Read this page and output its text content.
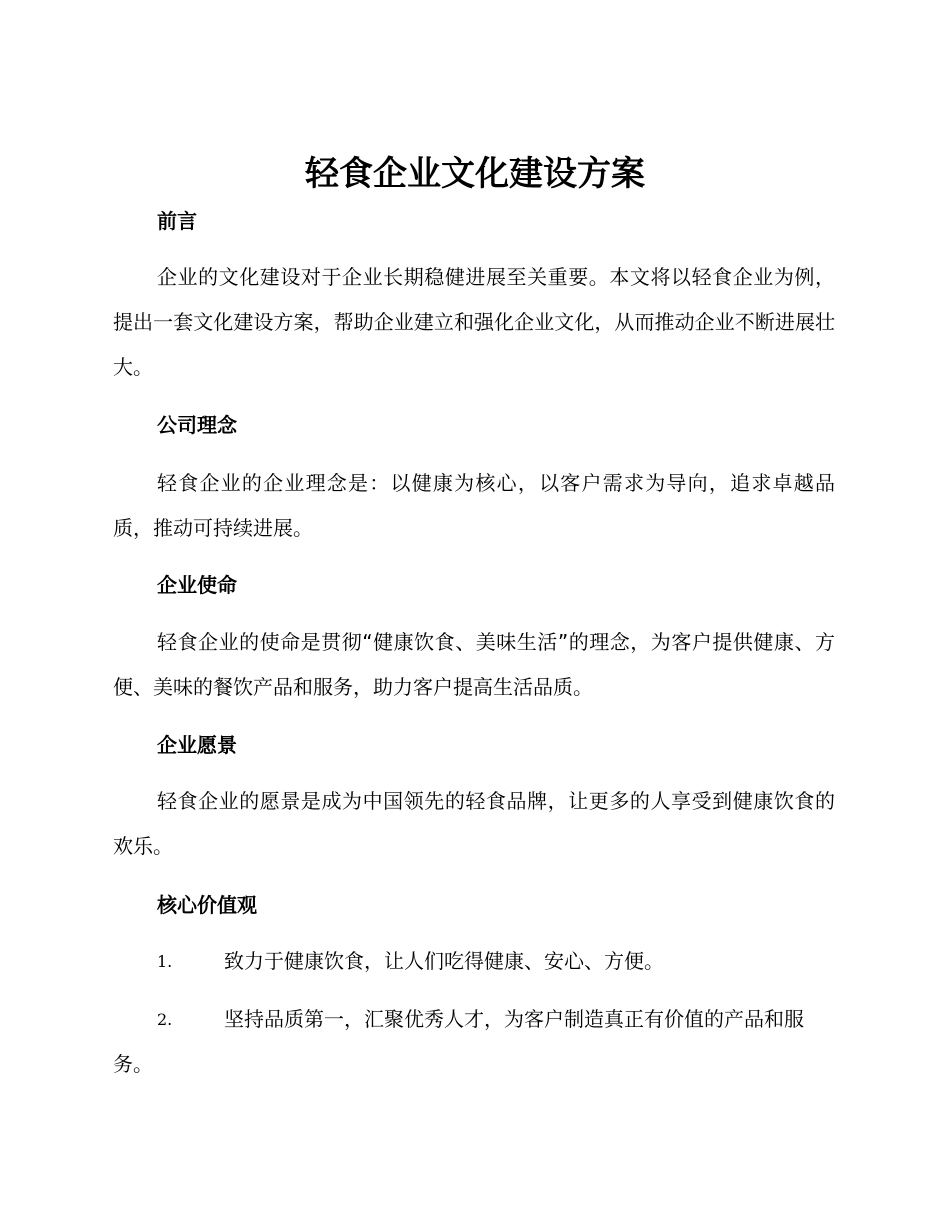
轻食企业文化建设方案
前言
企业的文化建设对于企业长期稳健进展至关重要。本文将以轻食企业为例，提出一套文化建设方案，帮助企业建立和强化企业文化，从而推动企业不断进展壮大。
公司理念
轻食企业的企业理念是：以健康为核心，以客户需求为导向，追求卓越品质，推动可持续进展。
企业使命
轻食企业的使命是贯彻“健康饮食、美味生活”的理念，为客户提供健康、方便、美味的餐饮产品和服务，助力客户提高生活品质。
企业愿景
轻食企业的愿景是成为中国领先的轻食品牌，让更多的人享受到健康饮食的欢乐。
核心价值观
1.	致力于健康饮食，让人们吃得健康、安心、方便。
2.	坚持品质第一，汇聚优秀人才，为客户制造真正有价值的产品和服务。
